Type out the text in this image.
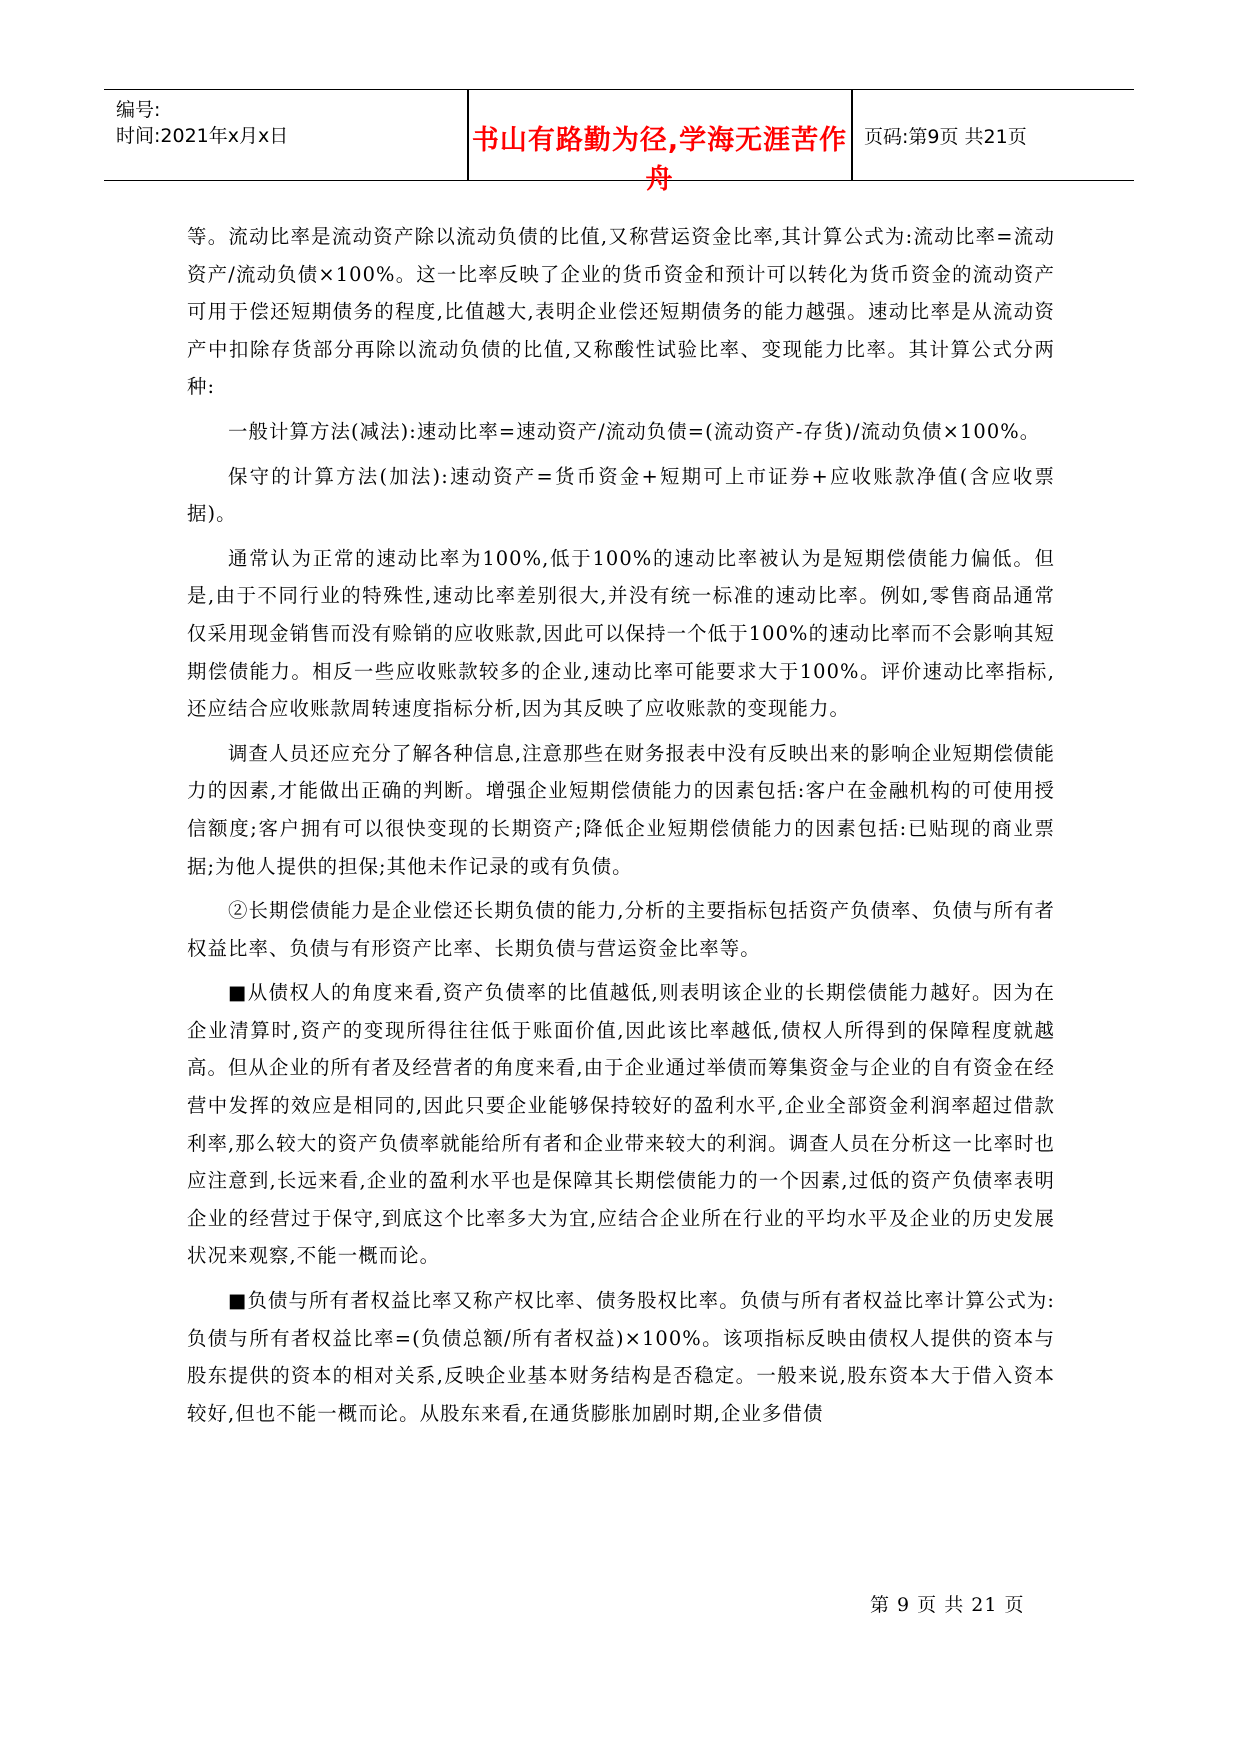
编号:
时间:2021年x月x日	书山有路勤为径,学海无涯苦作舟
页码:第9页 共21页

等。流动比率是流动资产除以流动负债的比值,又称营运资金比率,其计算公式为:流动比率=流动资产/流动负债×100%。这一比率反映了企业的货币资金和预计可以转化为货币资金的流动资产可用于偿还短期债务的程度,比值越大,表明企业偿还短期债务的能力越强。速动比率是从流动资产中扣除存货部分再除以流动负债的比值,又称酸性试验比率、变现能力比率。其计算公式分两种:

一般计算方法(减法):速动比率=速动资产/流动负债=(流动资产-存货)/流动负债×100%。

保守的计算方法(加法):速动资产=货币资金+短期可上市证券+应收账款净值(含应收票据)。

通常认为正常的速动比率为100%,低于100%的速动比率被认为是短期偿债能力偏低。但是,由于不同行业的特殊性,速动比率差别很大,并没有统一标准的速动比率。例如,零售商品通常仅采用现金销售而没有赊销的应收账款,因此可以保持一个低于100%的速动比率而不会影响其短期偿债能力。相反一些应收账款较多的企业,速动比率可能要求大于100%。评价速动比率指标,还应结合应收账款周转速度指标分析,因为其反映了应收账款的变现能力。

调查人员还应充分了解各种信息,注意那些在财务报表中没有反映出来的影响企业短期偿债能力的因素,才能做出正确的判断。增强企业短期偿债能力的因素包括:客户在金融机构的可使用授信额度;客户拥有可以很快变现的长期资产;降低企业短期偿债能力的因素包括:已贴现的商业票据;为他人提供的担保;其他未作记录的或有负债。

②长期偿债能力是企业偿还长期负债的能力,分析的主要指标包括资产负债率、负债与所有者权益比率、负债与有形资产比率、长期负债与营运资金比率等。

■从债权人的角度来看,资产负债率的比值越低,则表明该企业的长期偿债能力越好。因为在企业清算时,资产的变现所得往往低于账面价值,因此该比率越低,债权人所得到的保障程度就越高。但从企业的所有者及经营者的角度来看,由于企业通过举债而筹集资金与企业的自有资金在经营中发挥的效应是相同的,因此只要企业能够保持较好的盈利水平,企业全部资金利润率超过借款利率,那么较大的资产负债率就能给所有者和企业带来较大的利润。调查人员在分析这一比率时也应注意到,长远来看,企业的盈利水平也是保障其长期偿债能力的一个因素,过低的资产负债率表明企业的经营过于保守,到底这个比率多大为宜,应结合企业所在行业的平均水平及企业的历史发展状况来观察,不能一概而论。

■负债与所有者权益比率又称产权比率、债务股权比率。负债与所有者权益比率计算公式为:负债与所有者权益比率=(负债总额/所有者权益)×100%。该项指标反映由债权人提供的资本与股东提供的资本的相对关系,反映企业基本财务结构是否稳定。一般来说,股东资本大于借入资本较好,但也不能一概而论。从股东来看,在通货膨胀加剧时期,企业多借债

第 9 页 共 21 页
